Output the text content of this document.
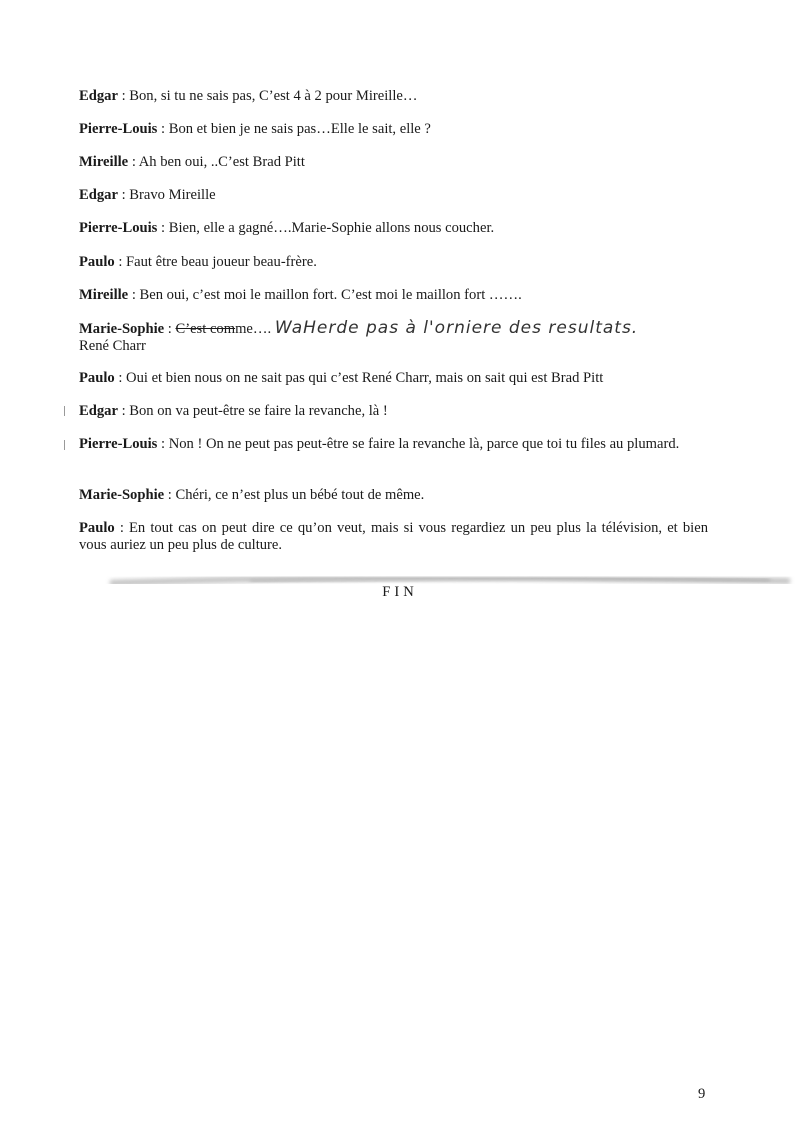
Edgar : Bon, si tu ne sais pas, C’est 4 à 2 pour Mireille…

Pierre-Louis : Bon et bien je ne sais pas…Elle le sait, elle ?

Mireille : Ah ben oui, ..C’est Brad Pitt

Edgar : Bravo Mireille

Pierre-Louis : Bien, elle a gagné….Marie-Sophie allons nous coucher.

Paulo : Faut être beau joueur beau-frère.

Mireille : Ben oui, c’est moi le maillon fort. C’est moi le maillon fort …….

Marie-Sophie : C’est comme…. WaHerde pas à l'orniere des resultats.
René Charr

Paulo : Oui et bien nous on ne sait pas qui c’est René Charr, mais on sait qui est Brad Pitt

Edgar : Bon on va peut-être se faire la revanche, là !

Pierre-Louis : Non ! On ne peut pas peut-être se faire la revanche là, parce que toi tu files au plumard.

Marie-Sophie : Chéri, ce n’est plus un bébé tout de même.

Paulo : En tout cas on peut dire ce qu’on veut, mais si vous regardiez un peu plus la télévision, et bien vous auriez un peu plus de culture.

FIN
9
